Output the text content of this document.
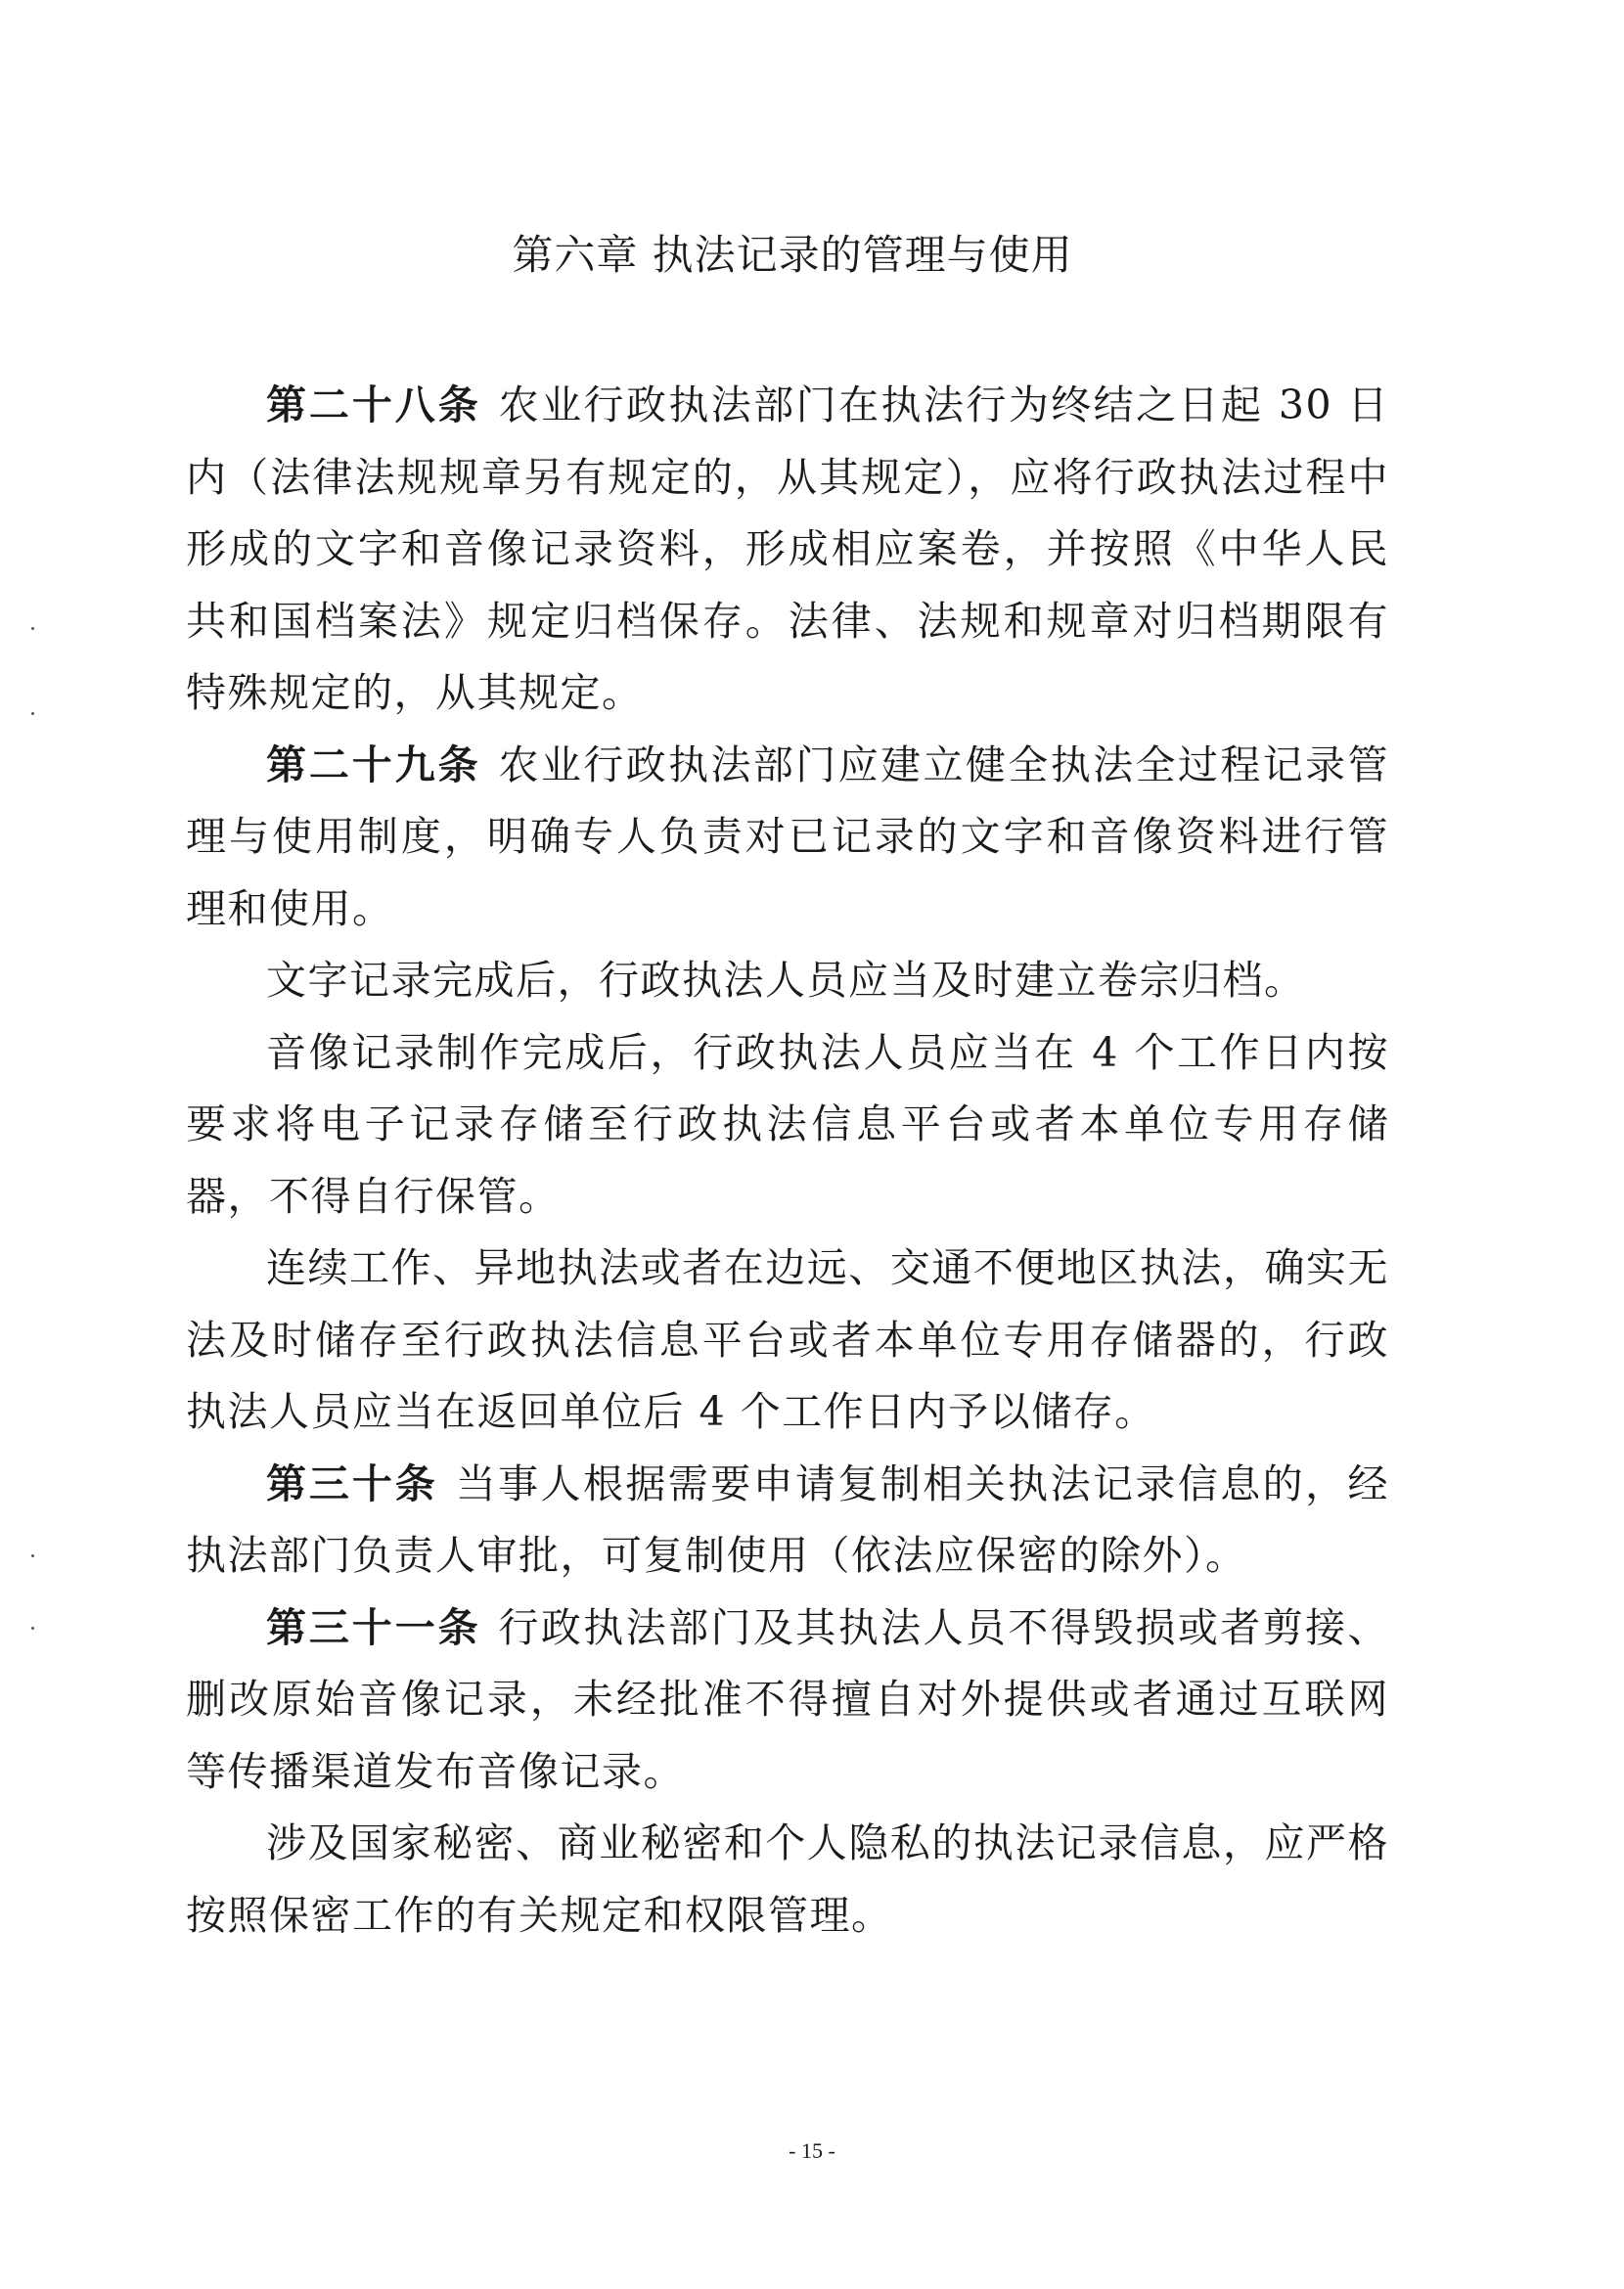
第六章 执法记录的管理与使用

第二十八条 农业行政执法部门在执法行为终结之日起 30 日内（法律法规规章另有规定的，从其规定），应将行政执法过程中形成的文字和音像记录资料，形成相应案卷，并按照《中华人民共和国档案法》规定归档保存。法律、法规和规章对归档期限有特殊规定的，从其规定。

第二十九条 农业行政执法部门应建立健全执法全过程记录管理与使用制度，明确专人负责对已记录的文字和音像资料进行管理和使用。

文字记录完成后，行政执法人员应当及时建立卷宗归档。

音像记录制作完成后，行政执法人员应当在 4 个工作日内按要求将电子记录存储至行政执法信息平台或者本单位专用存储器，不得自行保管。

连续工作、异地执法或者在边远、交通不便地区执法，确实无法及时储存至行政执法信息平台或者本单位专用存储器的，行政执法人员应当在返回单位后 4 个工作日内予以储存。

第三十条 当事人根据需要申请复制相关执法记录信息的，经执法部门负责人审批，可复制使用（依法应保密的除外）。

第三十一条 行政执法部门及其执法人员不得毁损或者剪接、删改原始音像记录，未经批准不得擅自对外提供或者通过互联网等传播渠道发布音像记录。

涉及国家秘密、商业秘密和个人隐私的执法记录信息，应严格按照保密工作的有关规定和权限管理。

- 15 -
